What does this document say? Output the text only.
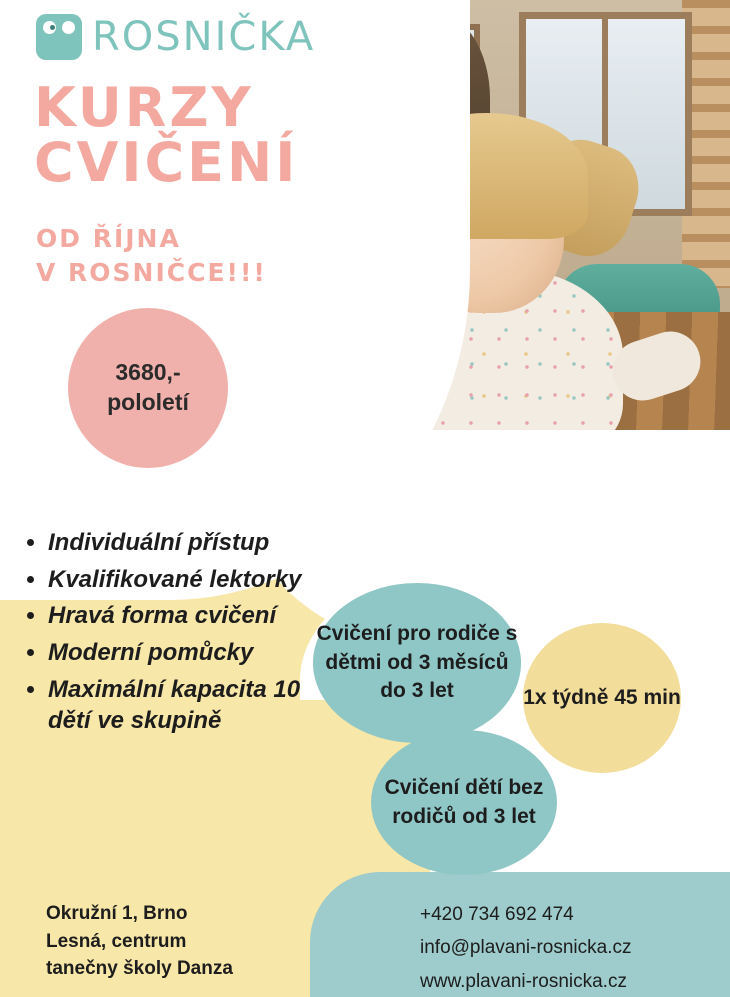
ROSNIČKA
KURZY
CVIČENÍ
OD ŘÍJNA
V ROSNIČCE!!!
3680,-
pololetí
• Individuální přístup
• Kvalifikované lektorky
• Hravá forma cvičení
• Moderní pomůcky
• Maximální kapacita 10 dětí ve skupině
Cvičení pro rodiče s dětmi od 3 měsíců do 3 let	1x týdně 45 min
Cvičení dětí bez rodičů od 3 let
Okružní 1, Brno
Lesná, centrum
tanečny školy Danza
+420 734 692 474
info@plavani-rosnicka.cz
www.plavani-rosnicka.cz
